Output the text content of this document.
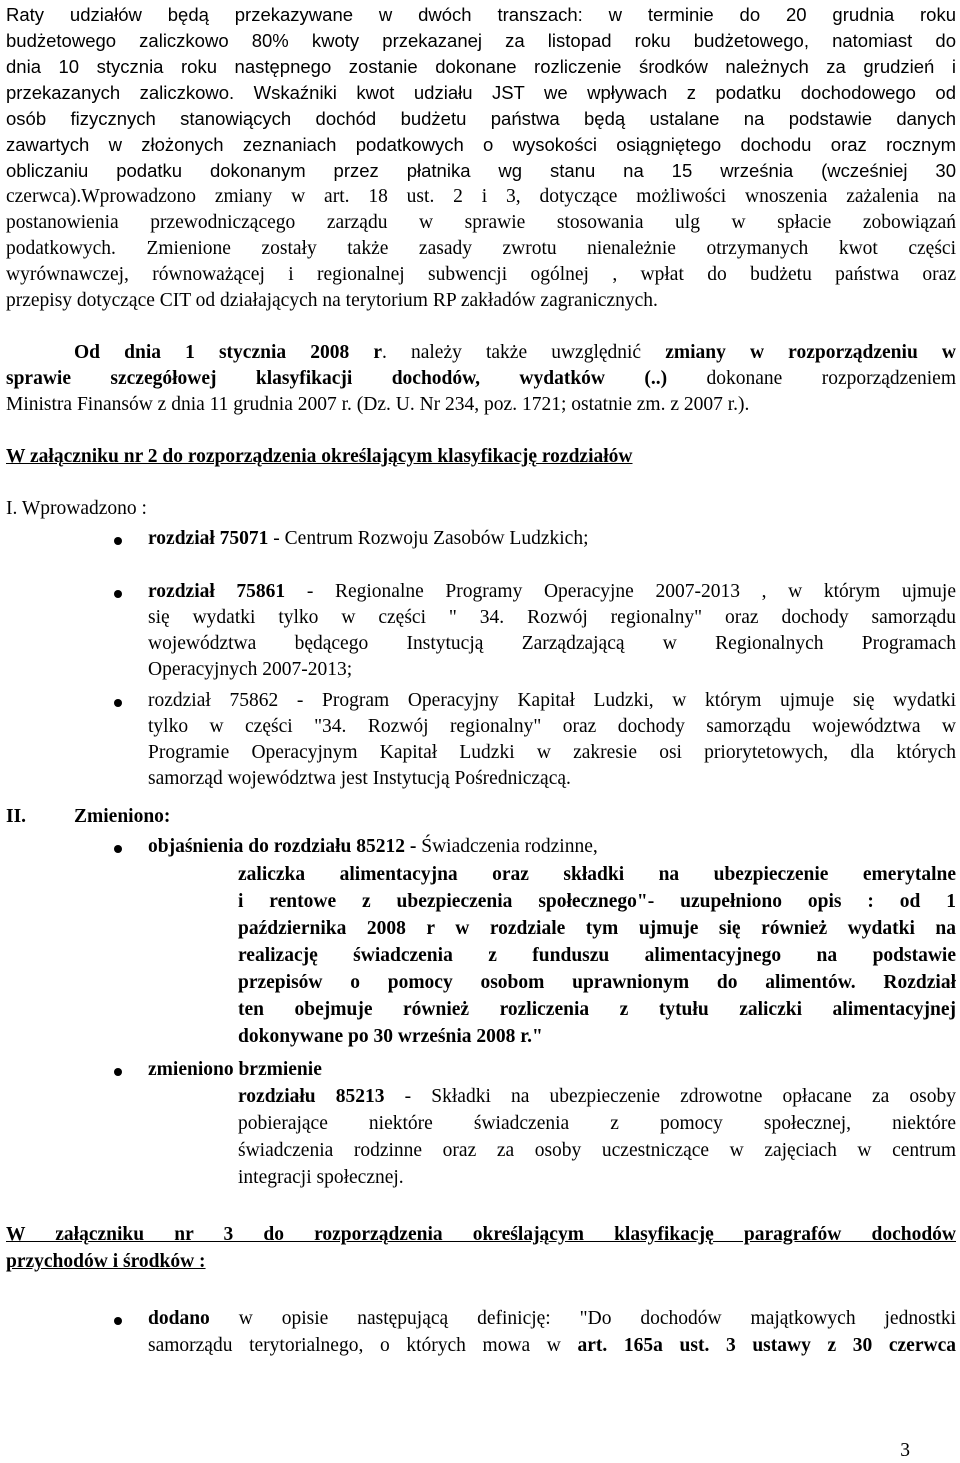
Raty udziałów będą przekazywane w dwóch transzach: w terminie do 20 grudnia roku
budżetowego zaliczkowo 80% kwoty przekazanej za listopad roku budżetowego, natomiast do
dnia 10 stycznia roku następnego zostanie dokonane rozliczenie środków należnych za grudzień i
przekazanych zaliczkowo. Wskaźniki kwot udziału JST we wpływach z podatku dochodowego od
osób fizycznych stanowiących dochód budżetu państwa będą ustalane na podstawie danych
zawartych w złożonych zeznaniach podatkowych o wysokości osiągniętego dochodu oraz rocznym
obliczaniu podatku dokonanym przez płatnika wg stanu na 15 września (wcześniej 30
czerwca).Wprowadzono zmiany w art. 18 ust. 2 i 3, dotyczące możliwości wnoszenia zażalenia na
postanowienia przewodniczącego zarządu w sprawie stosowania ulg w spłacie zobowiązań
podatkowych. Zmienione zostały także zasady zwrotu nienależnie otrzymanych kwot części
wyrównawczej, równoważącej i regionalnej subwencji ogólnej , wpłat do budżetu państwa oraz
przepisy dotyczące CIT od działających na terytorium RP zakładów zagranicznych.
Od dnia 1 stycznia 2008 r. należy także uwzględnić zmiany w rozporządzeniu w
sprawie szczegółowej klasyfikacji dochodów, wydatków (..) dokonane rozporządzeniem
Ministra Finansów z dnia 11 grudnia 2007 r. (Dz. U. Nr 234, poz. 1721; ostatnie zm. z 2007 r.).
W załączniku nr 2 do rozporządzenia określającym klasyfikację rozdziałów
I. Wprowadzono :
rozdział 75071 - Centrum Rozwoju Zasobów Ludzkich;
rozdział 75861 - Regionalne Programy Operacyjne 2007-2013 , w którym ujmuje
się wydatki tylko w części " 34. Rozwój regionalny" oraz dochody samorządu
województwa będącego Instytucją Zarządzającą w Regionalnych Programach
Operacyjnych 2007-2013;
rozdział 75862 - Program Operacyjny Kapitał Ludzki, w którym ujmuje się wydatki
tylko w części "34. Rozwój regionalny" oraz dochody samorządu województwa w
Programie Operacyjnym Kapitał Ludzki w zakresie osi priorytetowych, dla których
samorząd województwa jest Instytucją Pośredniczącą.
II.	Zmieniono:
objaśnienia do rozdziału 85212 - Świadczenia rodzinne,
zaliczka alimentacyjna oraz składki na ubezpieczenie emerytalne
i rentowe z ubezpieczenia społecznego"- uzupełniono opis : od 1
października 2008 r w rozdziale tym ujmuje się również wydatki na
realizację świadczenia z funduszu alimentacyjnego na podstawie
przepisów o pomocy osobom uprawnionym do alimentów. Rozdział
ten obejmuje również rozliczenia z tytułu zaliczki alimentacyjnej
dokonywane po 30 września 2008 r."
zmieniono brzmienie
rozdziału 85213 - Składki na ubezpieczenie zdrowotne opłacane za osoby
pobierające niektóre świadczenia z pomocy społecznej, niektóre
świadczenia rodzinne oraz za osoby uczestniczące w zajęciach w centrum
integracji społecznej.
W załączniku nr 3 do rozporządzenia określającym klasyfikację paragrafów dochodów
przychodów i środków :
dodano w opisie następującą definicję: "Do dochodów majątkowych jednostki
samorządu terytorialnego, o których mowa w art. 165a ust. 3 ustawy z 30 czerwca
3
